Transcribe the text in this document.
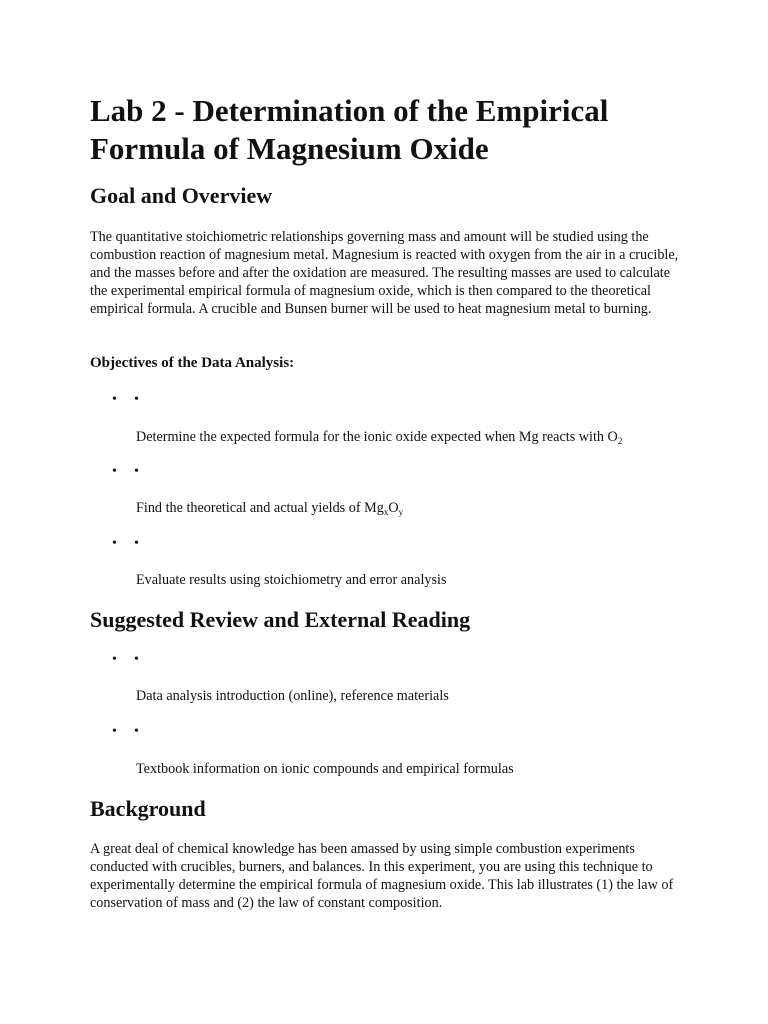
Lab 2 - Determination of the Empirical Formula of Magnesium Oxide
Goal and Overview

The quantitative stoichiometric relationships governing mass and amount will be studied using the combustion reaction of magnesium metal. Magnesium is reacted with oxygen from the air in a crucible, and the masses before and after the oxidation are measured. The resulting masses are used to calculate the experimental empirical formula of magnesium oxide, which is then compared to the theoretical empirical formula. A crucible and Bunsen burner will be used to heat magnesium metal to burning.

Objectives of the Data Analysis:

• •

Determine the expected formula for the ionic oxide expected when Mg reacts with $O_2$

• •

Find the theoretical and actual yields of $Mg_xO_y$

• •

Evaluate results using stoichiometry and error analysis

Suggested Review and External Reading
• •

Data analysis introduction (online), reference materials

• •

Textbook information on ionic compounds and empirical formulas

Background

A great deal of chemical knowledge has been amassed by using simple combustion experiments conducted with crucibles, burners, and balances. In this experiment, you are using this technique to experimentally determine the empirical formula of magnesium oxide. This lab illustrates (1) the law of conservation of mass and (2) the law of constant composition.
